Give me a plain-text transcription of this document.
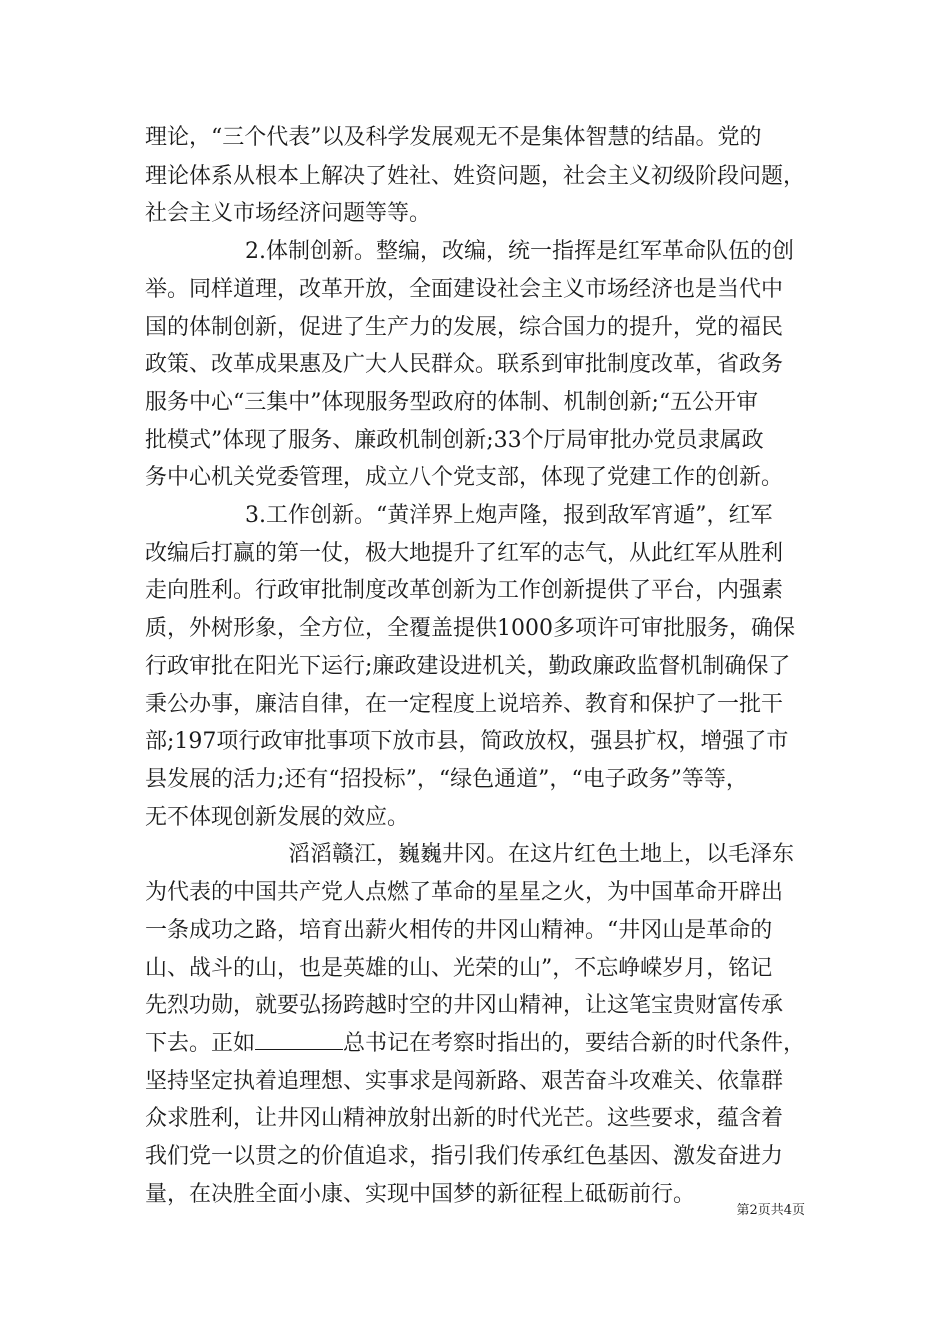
理论，“三个代表”以及科学发展观无不是集体智慧的结晶。党的
理论体系从根本上解决了姓社、姓资问题，社会主义初级阶段问题，
社会主义市场经济问题等等。
2.体制创新。整编，改编，统一指挥是红军革命队伍的创
举。同样道理，改革开放，全面建设社会主义市场经济也是当代中
国的体制创新，促进了生产力的发展，综合国力的提升，党的福民
政策、改革成果惠及广大人民群众。联系到审批制度改革，省政务
服务中心“三集中”体现服务型政府的体制、机制创新;“五公开审
批模式”体现了服务、廉政机制创新;33个厅局审批办党员隶属政
务中心机关党委管理，成立八个党支部，体现了党建工作的创新。
3.工作创新。“黄洋界上炮声隆，报到敌军宵遁”，红军
改编后打赢的第一仗，极大地提升了红军的志气，从此红军从胜利
走向胜利。行政审批制度改革创新为工作创新提供了平台，内强素
质，外树形象，全方位，全覆盖提供1000多项许可审批服务，确保
行政审批在阳光下运行;廉政建设进机关，勤政廉政监督机制确保了
秉公办事，廉洁自律，在一定程度上说培养、教育和保护了一批干
部;197项行政审批事项下放市县，简政放权，强县扩权，增强了市
县发展的活力;还有“招投标”，“绿色通道”，“电子政务”等等，
无不体现创新发展的效应。
滔滔赣江，巍巍井冈。在这片红色土地上，以毛泽东
为代表的中国共产党人点燃了革命的星星之火，为中国革命开辟出
一条成功之路，培育出薪火相传的井冈山精神。“井冈山是革命的
山、战斗的山，也是英雄的山、光荣的山”，不忘峥嵘岁月，铭记
先烈功勋，就要弘扬跨越时空的井冈山精神，让这笔宝贵财富传承
下去。正如	总书记在考察时指出的，要结合新的时代条件，
坚持坚定执着追理想、实事求是闯新路、艰苦奋斗攻难关、依靠群
众求胜利，让井冈山精神放射出新的时代光芒。这些要求，蕴含着
我们党一以贯之的价值追求，指引我们传承红色基因、激发奋进力
量，在决胜全面小康、实现中国梦的新征程上砥砺前行。
第2页共4页
